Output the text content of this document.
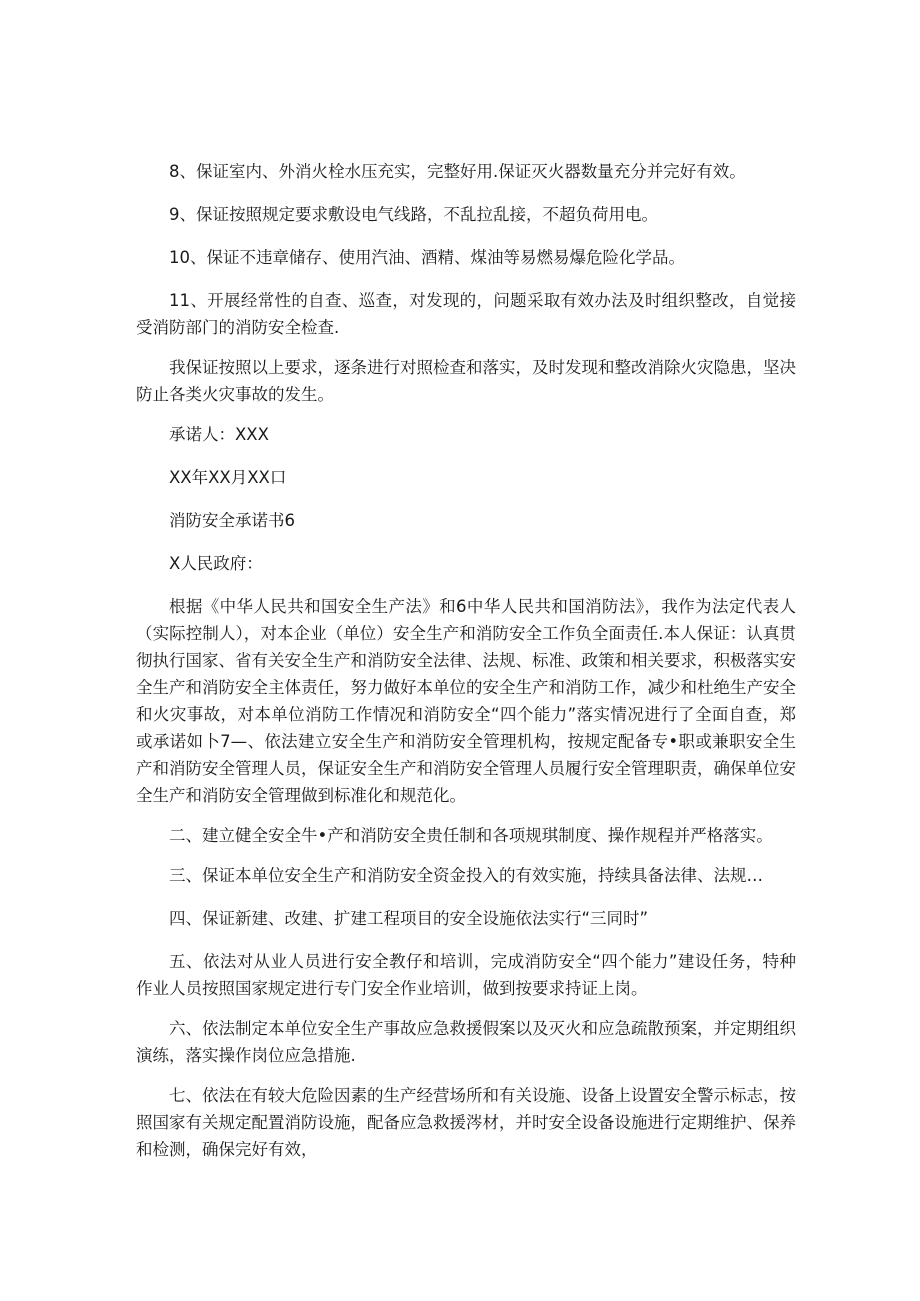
8、保证室内、外消火栓水压充实，完整好用.保证灭火器数量充分并完好有效。

9、保证按照规定要求敷设电气线路，不乱拉乱接，不超负荷用电。

10、保证不违章储存、使用汽油、酒精、煤油等易燃易爆危险化学品。

11、开展经常性的自查、巡查，对发现的，问题采取有效办法及时组织整改，自觉接受消防部门的消防安全检查.

我保证按照以上要求，逐条进行对照检查和落实，及时发现和整改消除火灾隐患，坚决防止各类火灾事故的发生。

承诺人：XXX

XX年XX月XX口

消防安全承诺书6

X人民政府：

根据《中华人民共和国安全生产法》和6中华人民共和国消防法》，我作为法定代表人（实际控制人），对本企业（单位）安全生产和消防安全工作负全面责任.本人保证：认真贯彻执行国家、省有关安全生产和消防安全法律、法规、标准、政策和相关要求，积极落实安全生产和消防安全主体责任，努力做好本单位的安全生产和消防工作，减少和杜绝生产安全和火灾事故，对本单位消防工作情况和消防安全“四个能力”落实情况进行了全面自查，郑或承诺如卜7—、依法建立安全生产和消防安全管理机构，按规定配备专•职或兼职安全生产和消防安全管理人员，保证安全生产和消防安全管理人员履行安全管理职责，确保单位安全生产和消防安全管理做到标准化和规范化。

二、建立健全安全牛•产和消防安全贵任制和各项规琪制度、操作规程并严格落实。

三、保证本单位安全生产和消防安全资金投入的有效实施，持续具备法律、法规…

四、保证新建、改建、扩建工程项目的安全设施依法实行“三同时”

五、依法对从业人员进行安全教仔和培训，完成消防安全“四个能力”建设任务，特种作业人员按照国家规定进行专门安全作业培训，做到按要求持证上岗。

六、依法制定本单位安全生产事故应急救援假案以及灭火和应急疏散预案，并定期组织演练，落实操作岗位应急措施.

七、依法在有较大危险因素的生产经营场所和有关设施、设备上设置安全警示标志，按照国家有关规定配置消防设施，配备应急救援涔材，并时安全设备设施进行定期维护、保养和检测，确保完好有效，
